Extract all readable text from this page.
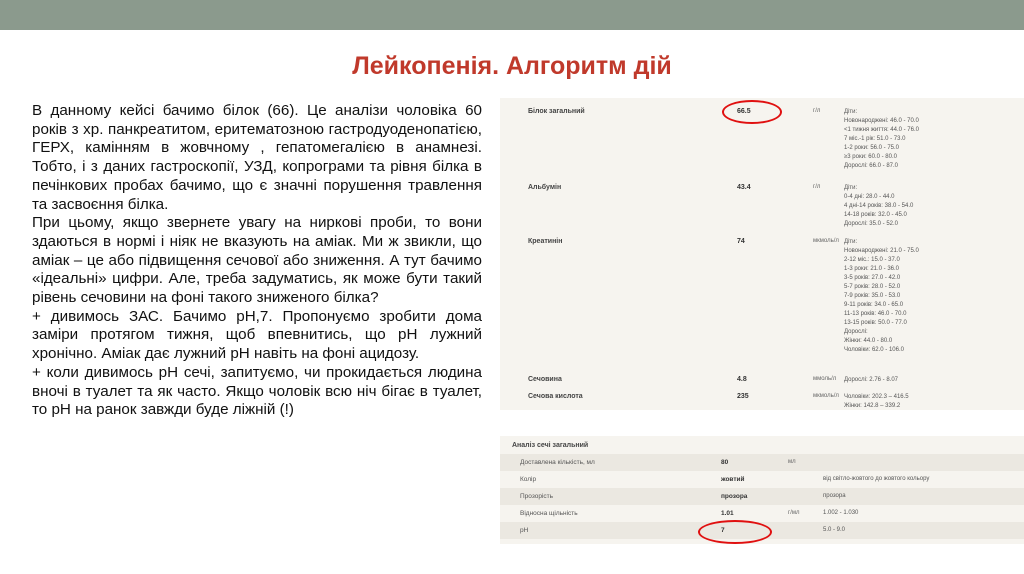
Лейкопенія. Алгоритм дій

В данному кейсі бачимо білок (66). Це аналізи чоловіка 60 років з хр. панкреатитом, еритематозною гастродуоденопатією, ГЕРХ, камінням в жовчному , гепатомегалією в анамнезі. Тобто, і з даних гастроскопії, УЗД, копрограми та рівня білка в печінкових пробах бачимо, що є значні порушення травлення та засвоєння білка.

При цьому, якщо звернете увагу на ниркові проби, то вони здаються в нормі і ніяк не вказують на аміак. Ми ж звикли, що аміак – це або підвищення сечової або зниження. А тут бачимо «ідеальні» цифри. Але, треба задуматись, як може бути такий рівень сечовини на фоні такого зниженого білка?

+ дивимось ЗАС. Бачимо рН,7. Пропонуємо зробити дома заміри протягом тижня, щоб впевнитись, що рН лужний хронічно. Аміак дає лужний рН навіть на фоні ацидозу.

+ коли дивимось рН сечі, запитуємо, чи прокидається людина вночі в туалет та як часто. Якщо чоловік всю ніч бігає в туалет, то рН на ранок завжди буде ліжній (!)

Білок загальний	66.5	г/л	Діти:
Новонароджені: 46.0 - 70.0
<1 тижня життя: 44.0 - 76.0
7 міс.-1 рік: 51.0 - 73.0
1-2 роки: 56.0 - 75.0
≥3 роки: 60.0 - 80.0
Дорослі: 66.0 - 87.0
Альбумін	43.4	г/л	Діти:
0-4 дні: 28.0 - 44.0
4 дні-14 років: 38.0 - 54.0
14-18 років: 32.0 - 45.0
Дорослі: 35.0 - 52.0
Креатинін	74	мкмоль/л Діти:
Новонароджені: 21.0 - 75.0
2-12 міс.: 15.0 - 37.0
1-3 роки: 21.0 - 36.0
3-5 років: 27.0 - 42.0
5-7 років: 28.0 - 52.0
7-9 років: 35.0 - 53.0
9-11 років: 34.0 - 65.0
11-13 років: 46.0 - 70.0
13-15 років: 50.0 - 77.0
Дорослі:
Жінки: 44.0 - 80.0
Чоловіки: 62.0 - 106.0
Сечовина	4.8	ммоль/л Дорослі: 2.76 - 8.07
Сечова кислота	235	мкмоль/л Чоловіки: 202.3 – 416.5
Жінки: 142.8 – 339.2
Аналіз сечі загальний
Доставлена кількість, мл	80	мл
Колір	жовтий	від світло-жовтого до жовтого кольору
Прозорість	прозора	прозора
Відносна щільність	1.01	г/мл	1.002 - 1.030
pH	7	5.0 - 9.0
